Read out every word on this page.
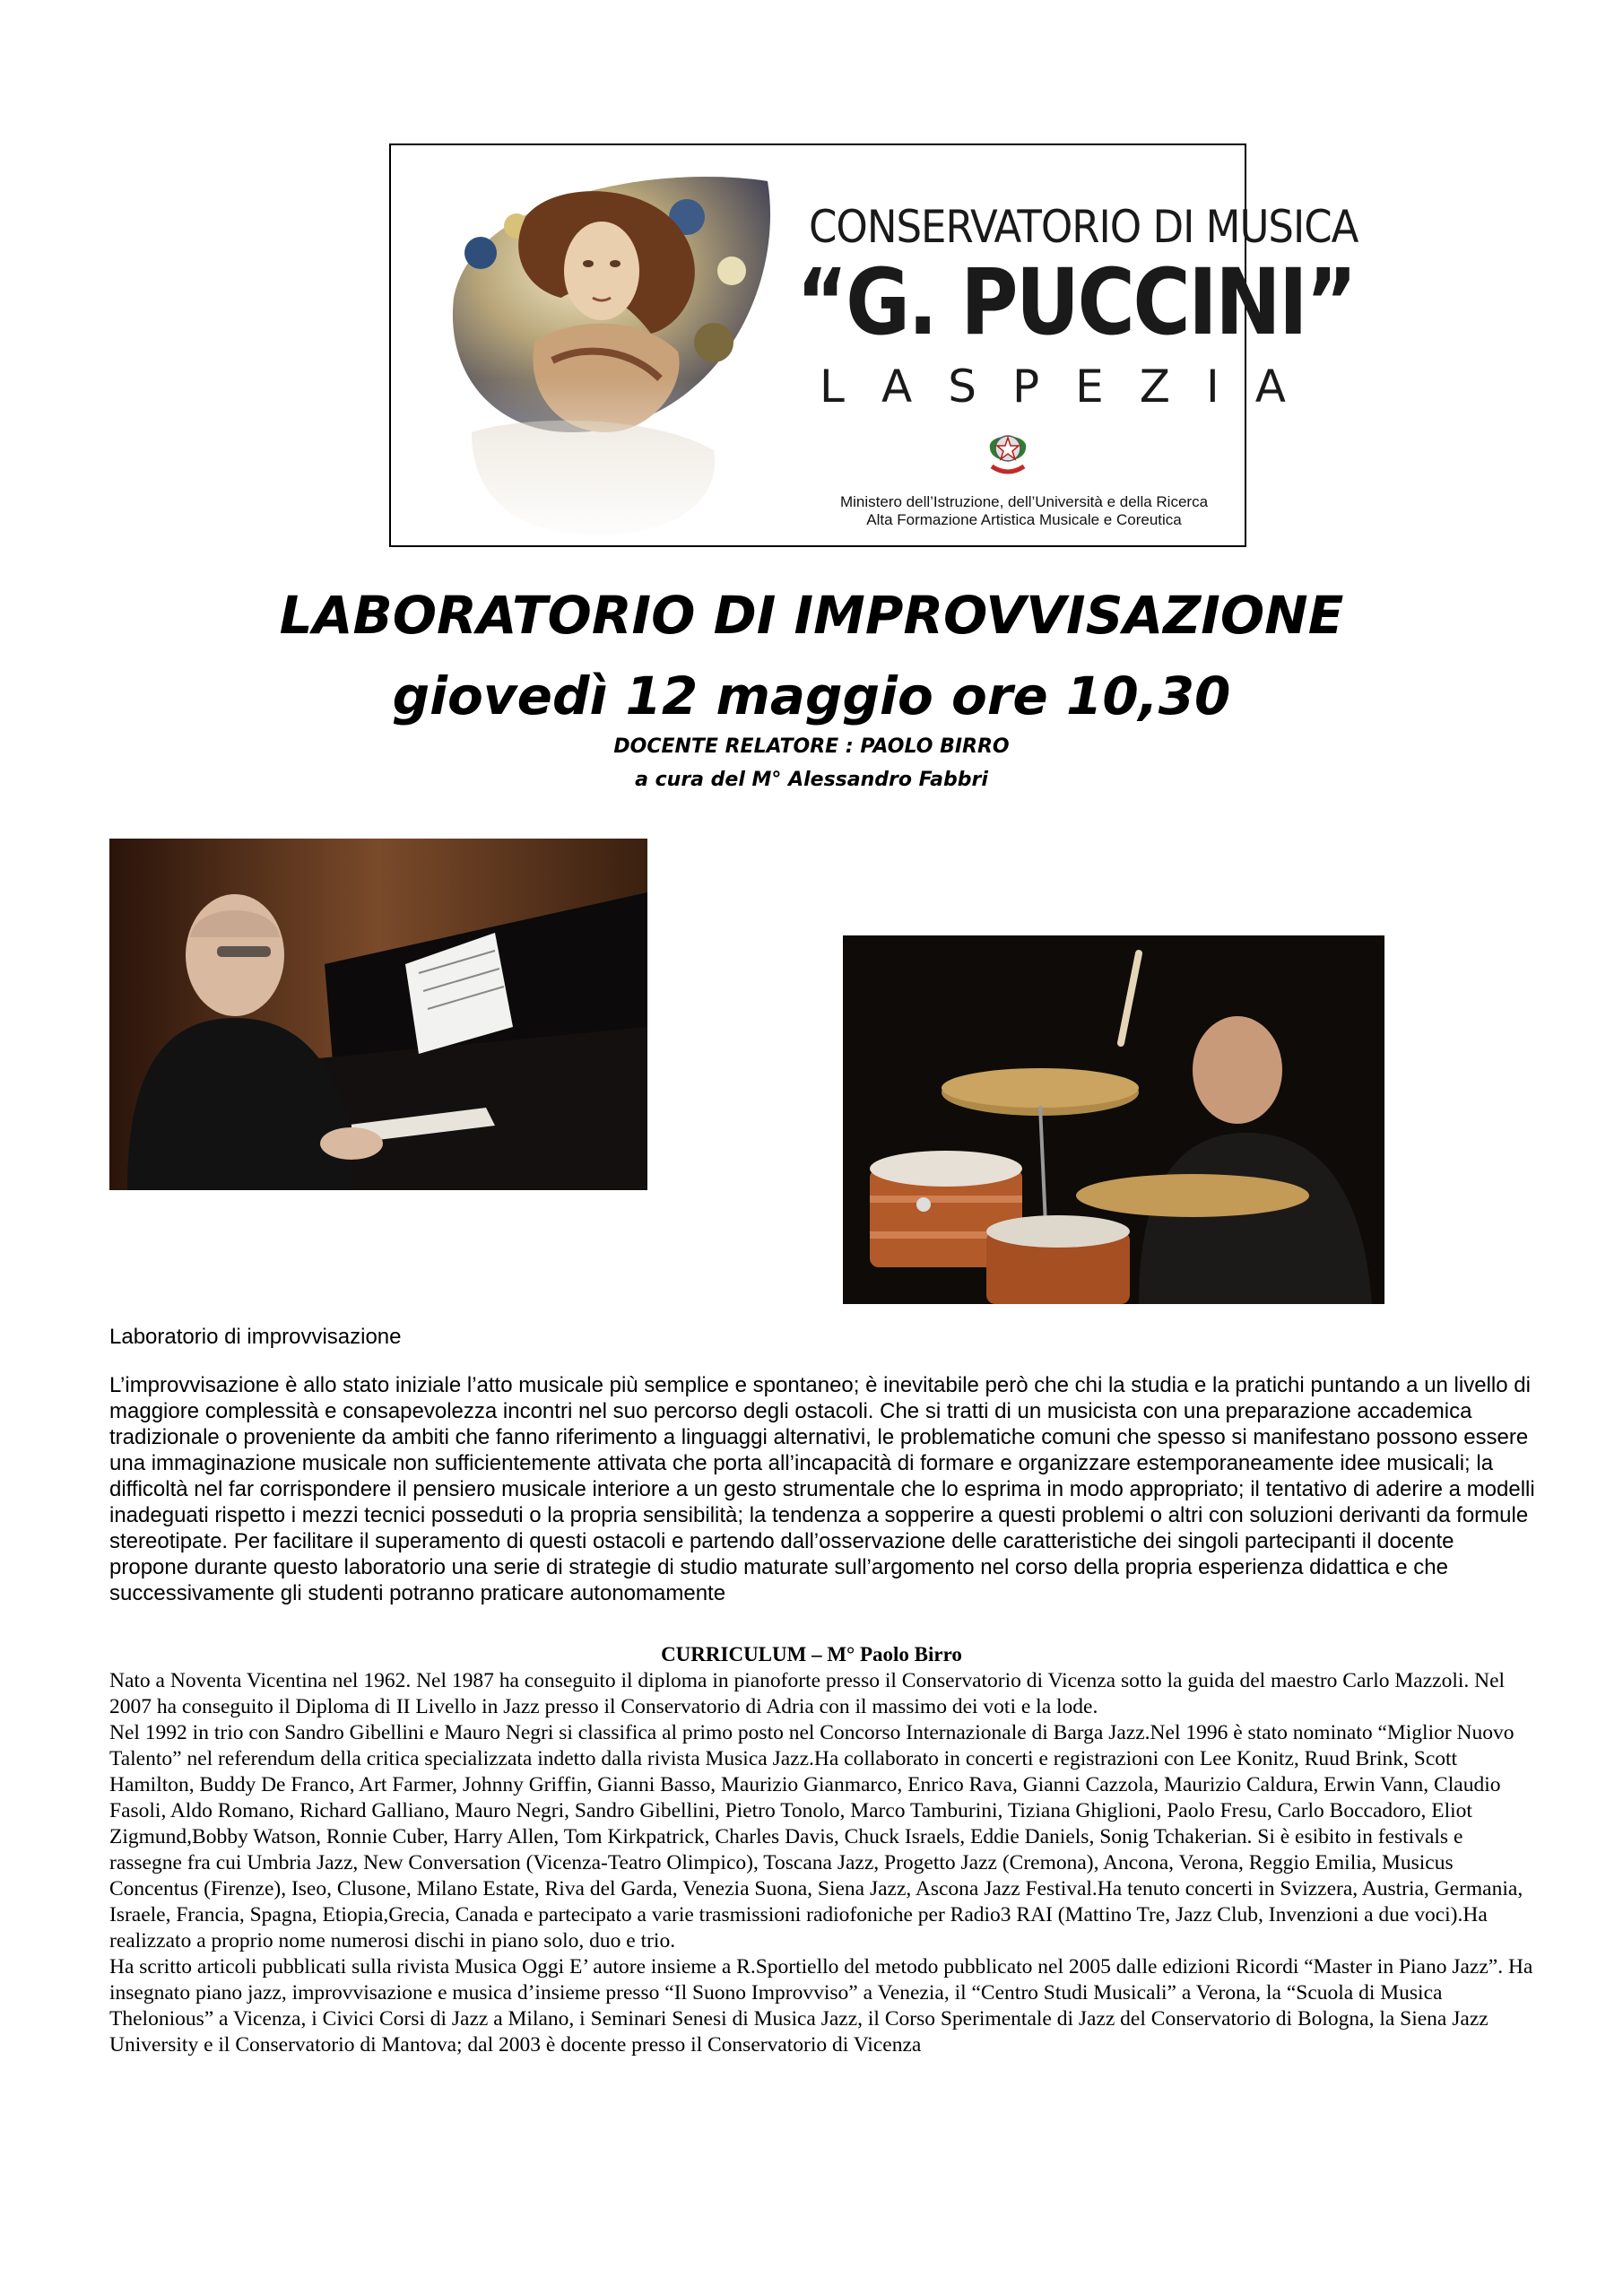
CONSERVATORIO DI MUSICA
“G. PUCCINI”
LASPEZIA
Ministero dell’Istruzione, dell’Università e della Ricerca
Alta Formazione Artistica Musicale e Coreutica
LABORATORIO DI IMPROVVISAZIONE
giovedì 12 maggio ore 10,30
DOCENTE RELATORE : PAOLO BIRRO
a cura del M° Alessandro Fabbri
Laboratorio di improvvisazione

L’improvvisazione è allo stato iniziale l’atto musicale più semplice e spontaneo; è inevitabile però che chi la studia e la pratichi puntando a un livello di maggiore complessità e consapevolezza incontri nel suo percorso degli ostacoli. Che si tratti di un musicista con una preparazione accademica tradizionale o proveniente da ambiti che fanno riferimento a linguaggi alternativi, le problematiche comuni che spesso si manifestano possono essere una immaginazione musicale non sufficientemente attivata che porta all’incapacità di formare e organizzare estemporaneamente idee musicali; la difficoltà nel far corrispondere il pensiero musicale interiore a un gesto strumentale che lo esprima in modo appropriato; il tentativo di aderire a modelli inadeguati rispetto i mezzi tecnici posseduti o la propria sensibilità; la tendenza a sopperire a questi problemi o altri con soluzioni derivanti da formule stereotipate. Per facilitare il superamento di questi ostacoli e partendo dall’osservazione delle caratteristiche dei singoli partecipanti il docente propone durante questo laboratorio una serie di strategie di studio maturate sull’argomento nel corso della propria esperienza didattica e che successivamente gli studenti potranno praticare autonomamente

CURRICULUM – M° Paolo Birro

Nato a Noventa Vicentina nel 1962. Nel 1987 ha conseguito il diploma in pianoforte presso il Conservatorio di Vicenza sotto la guida del maestro Carlo Mazzoli. Nel 2007 ha conseguito il Diploma di II Livello in Jazz presso il Conservatorio di Adria con il massimo dei voti e la lode.

Nel 1992 in trio con Sandro Gibellini e Mauro Negri si classifica al primo posto nel Concorso Internazionale di Barga Jazz.Nel 1996 è stato nominato “Miglior Nuovo Talento” nel referendum della critica specializzata indetto dalla rivista Musica Jazz.Ha collaborato in concerti e registrazioni con Lee Konitz, Ruud Brink, Scott Hamilton, Buddy De Franco, Art Farmer, Johnny Griffin, Gianni Basso, Maurizio Gianmarco, Enrico Rava, Gianni Cazzola, Maurizio Caldura, Erwin Vann, Claudio Fasoli, Aldo Romano, Richard Galliano, Mauro Negri, Sandro Gibellini, Pietro Tonolo, Marco Tamburini, Tiziana Ghiglioni, Paolo Fresu, Carlo Boccadoro, Eliot Zigmund,Bobby Watson, Ronnie Cuber, Harry Allen, Tom Kirkpatrick, Charles Davis, Chuck Israels, Eddie Daniels, Sonig Tchakerian. Si è esibito in festivals e rassegne fra cui Umbria Jazz, New Conversation (Vicenza-Teatro Olimpico), Toscana Jazz, Progetto Jazz (Cremona), Ancona, Verona, Reggio Emilia, Musicus Concentus (Firenze), Iseo, Clusone, Milano Estate, Riva del Garda, Venezia Suona, Siena Jazz, Ascona Jazz Festival.Ha tenuto concerti in Svizzera, Austria, Germania, Israele, Francia, Spagna, Etiopia,Grecia, Canada e partecipato a varie trasmissioni radiofoniche per Radio3 RAI (Mattino Tre, Jazz Club, Invenzioni a due voci).Ha realizzato a proprio nome numerosi dischi in piano solo, duo e trio.

Ha scritto articoli pubblicati sulla rivista Musica Oggi E’ autore insieme a R.Sportiello del metodo pubblicato nel 2005 dalle edizioni Ricordi “Master in Piano Jazz”. Ha insegnato piano jazz, improvvisazione e musica d’insieme presso “Il Suono Improvviso” a Venezia, il “Centro Studi Musicali” a Verona, la “Scuola di Musica Thelonious” a Vicenza, i Civici Corsi di Jazz a Milano, i Seminari Senesi di Musica Jazz, il Corso Sperimentale di Jazz del Conservatorio di Bologna, la Siena Jazz University e il Conservatorio di Mantova; dal 2003 è docente presso il Conservatorio di Vicenza
